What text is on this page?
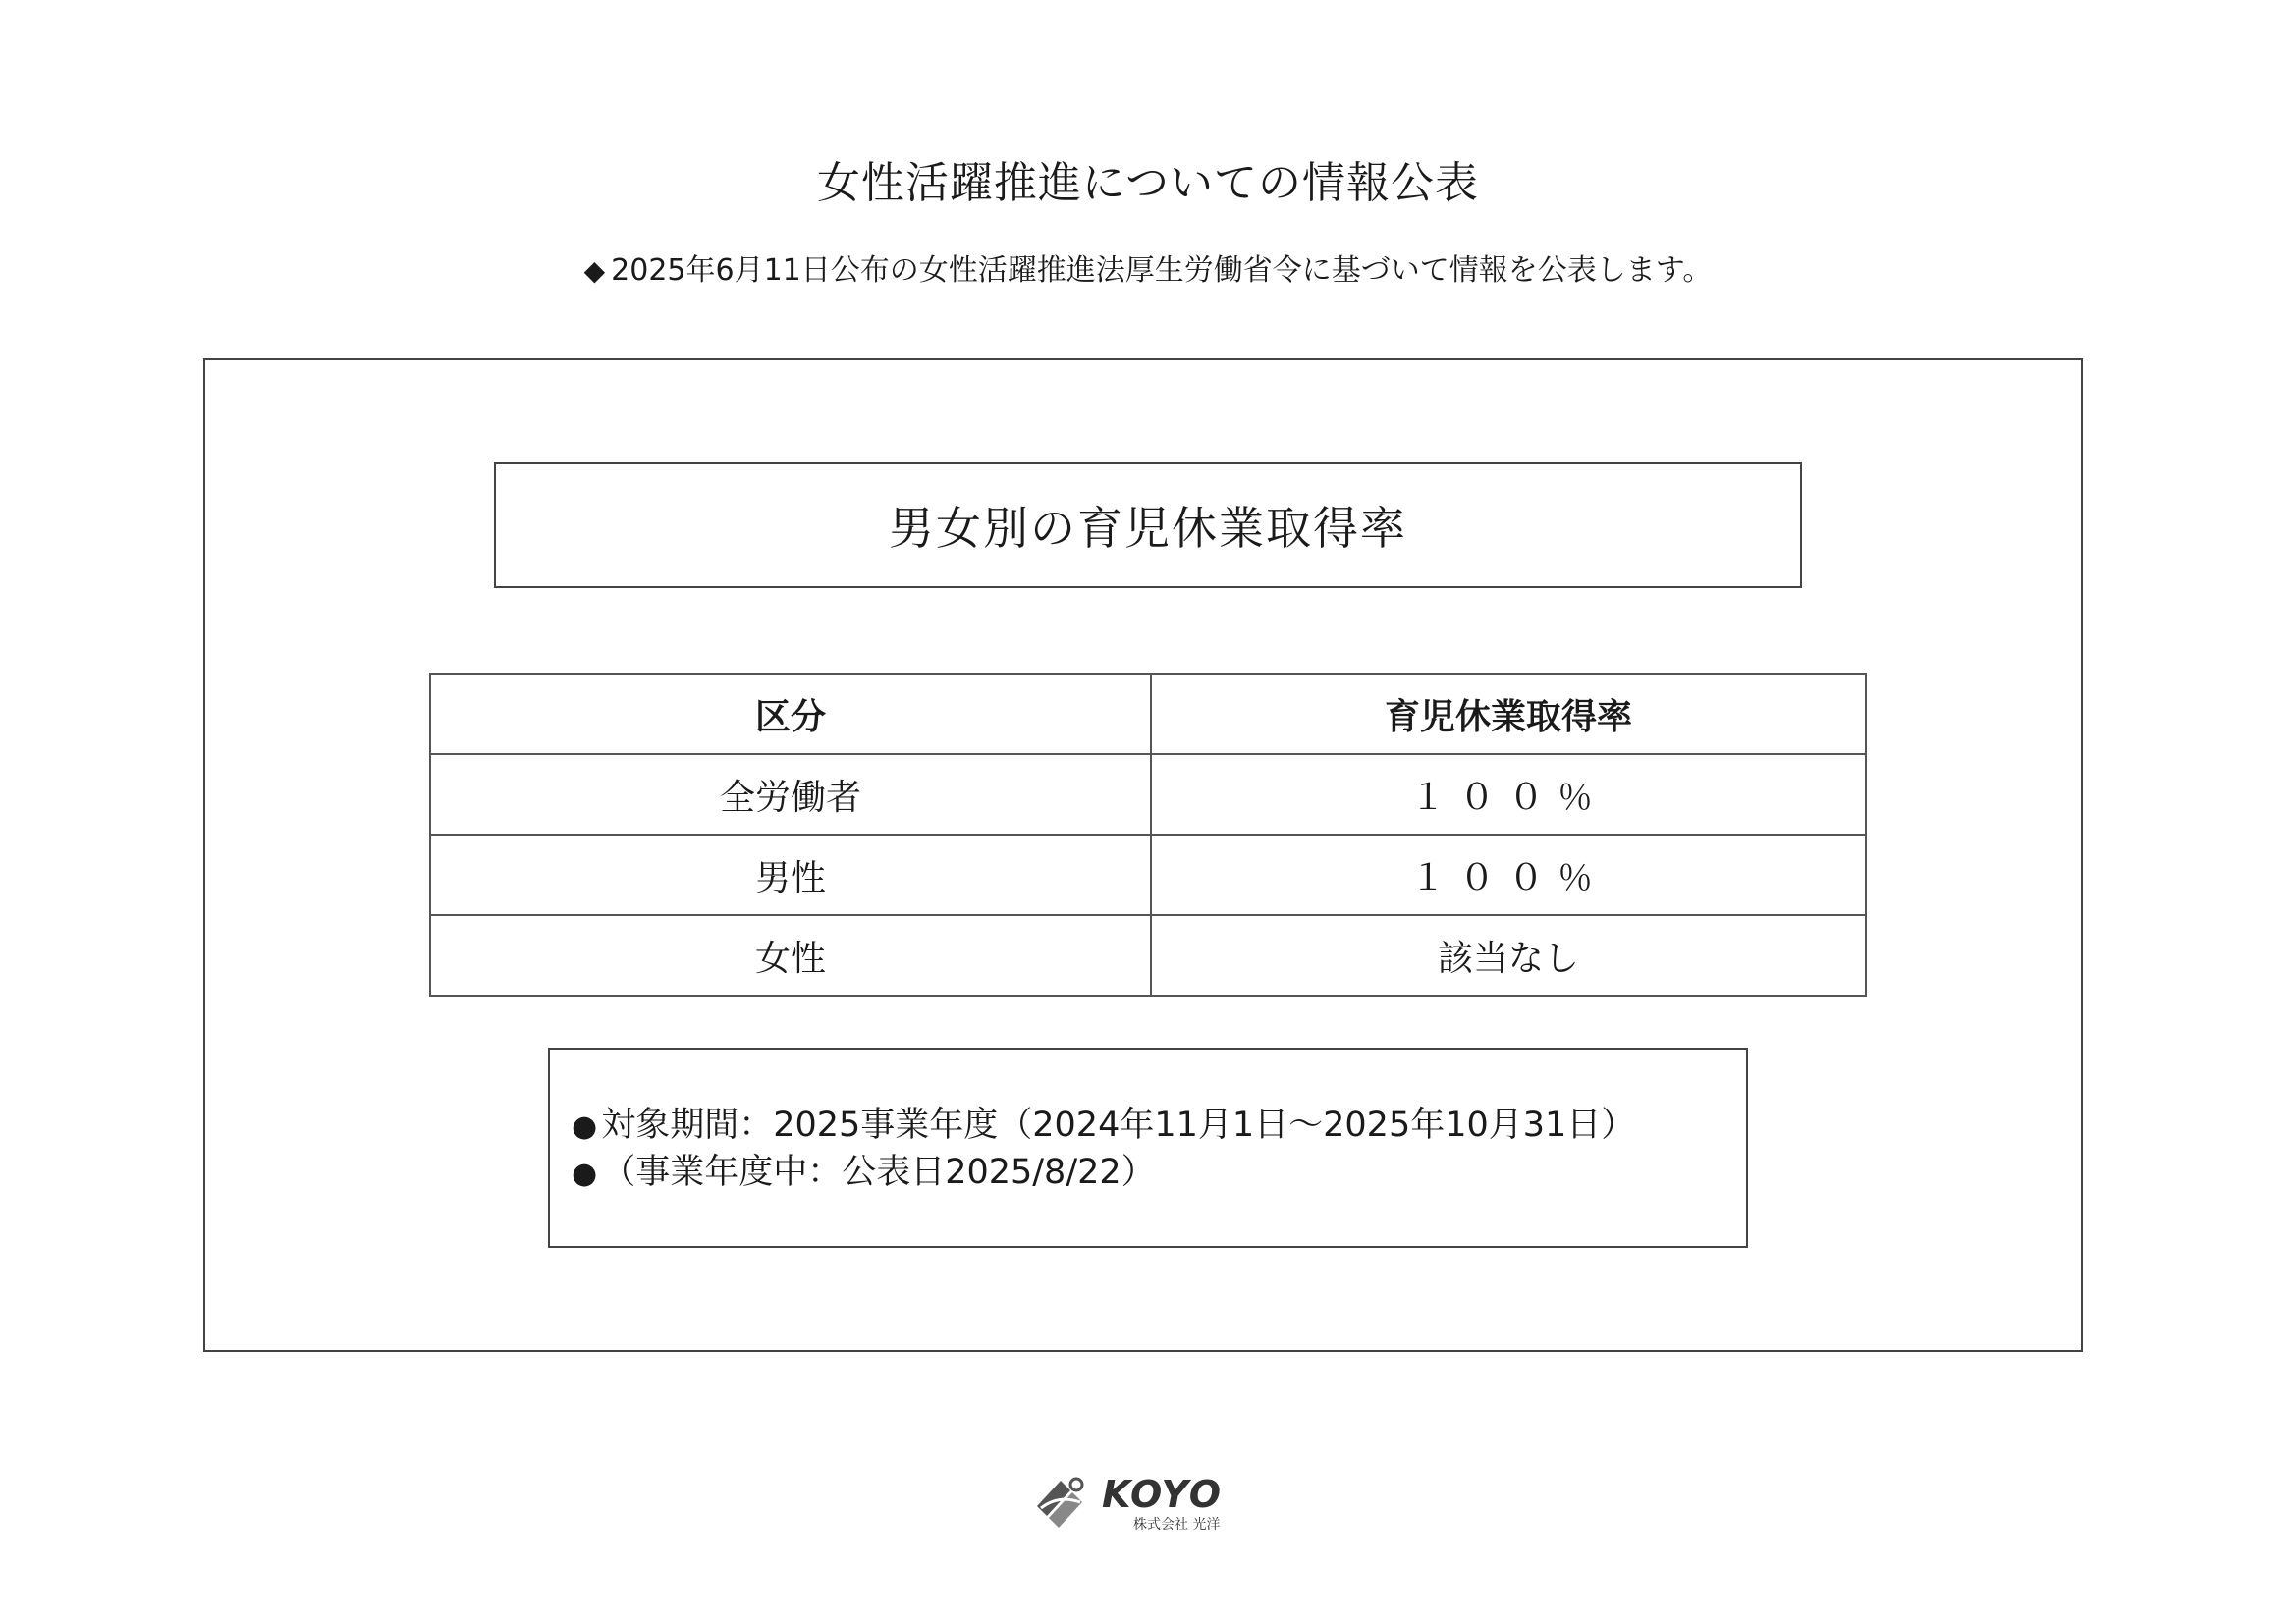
女性活躍推進についての情報公表
◆ 2025年6月11日公布の女性活躍推進法厚生労働省令に基づいて情報を公表します。
男女別の育児休業取得率
区分	育児休業取得率
全労働者	１００％
男性	１００％
女性	該当なし
● 対象期間：2025事業年度（2024年11月1日～2025年10月31日）
● （事業年度中：公表日2025/8/22）
KOYO
株式会社 光洋
